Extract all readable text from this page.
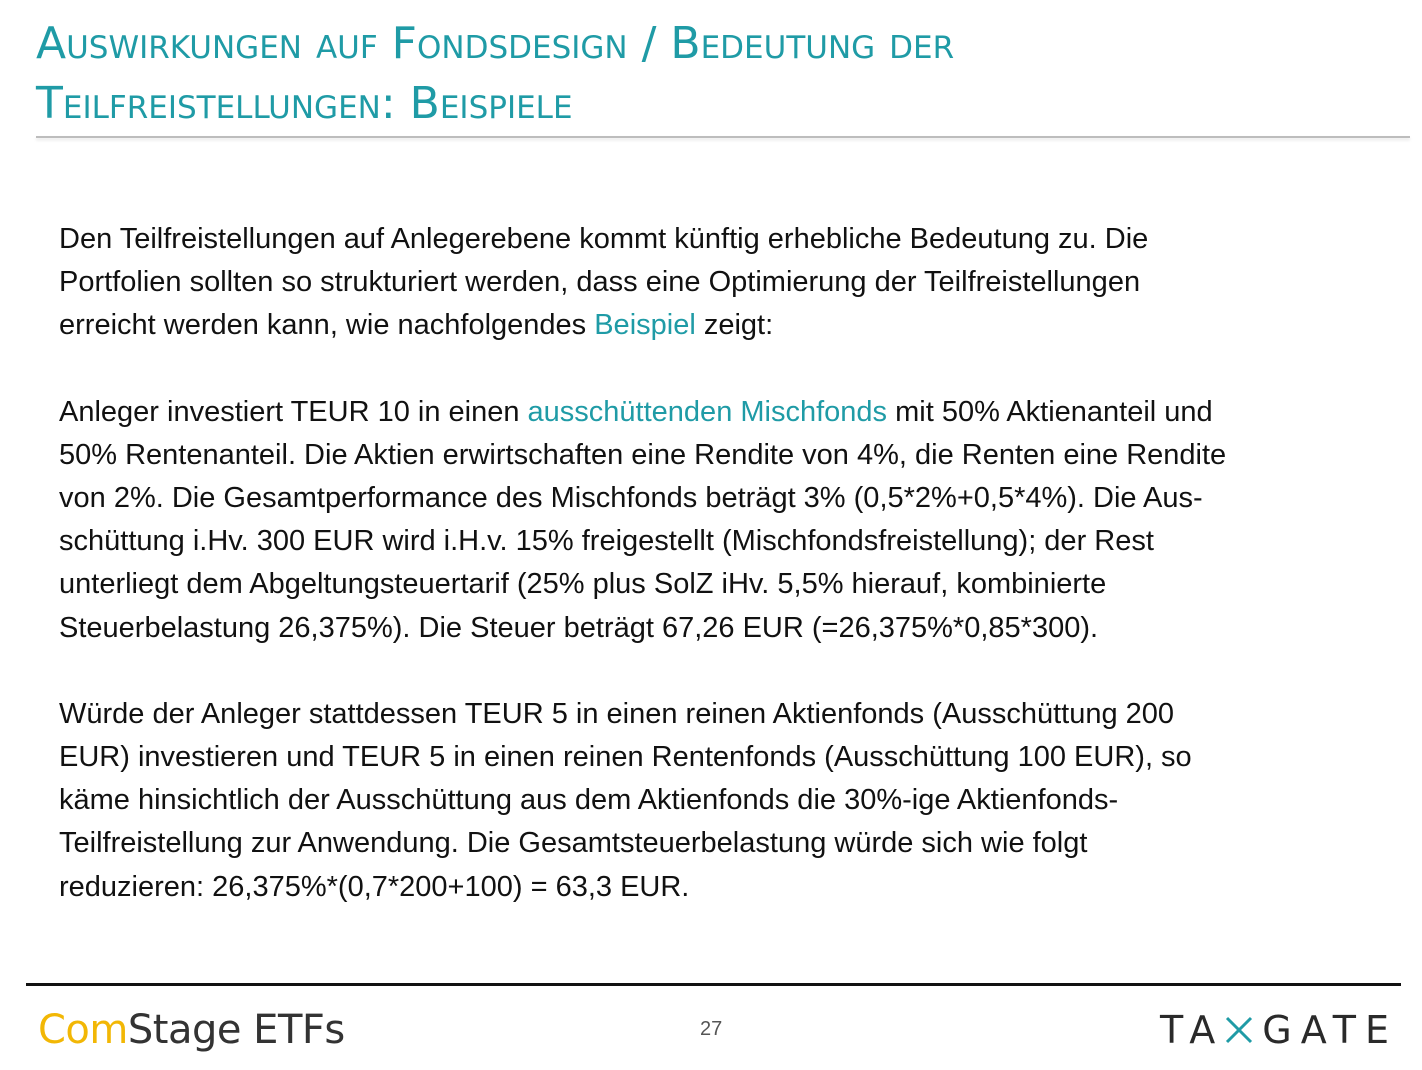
Auswirkungen auf Fondsdesign / Bedeutung der
Teilfreistellungen: Beispiele

Den Teilfreistellungen auf Anlegerebene kommt künftig erhebliche Bedeutung zu. Die
Portfolien sollten so strukturiert werden, dass eine Optimierung der Teilfreistellungen
erreicht werden kann, wie nachfolgendes Beispiel zeigt:

Anleger investiert TEUR 10 in einen ausschüttenden Mischfonds mit 50% Aktienanteil und
50% Rentenanteil. Die Aktien erwirtschaften eine Rendite von 4%, die Renten eine Rendite
von 2%. Die Gesamtperformance des Mischfonds beträgt 3% (0,5*2%+0,5*4%). Die Aus-
schüttung i.Hv. 300 EUR wird i.H.v. 15% freigestellt (Mischfondsfreistellung); der Rest
unterliegt dem Abgeltungsteuertarif (25% plus SolZ iHv. 5,5% hierauf, kombinierte
Steuerbelastung 26,375%). Die Steuer beträgt 67,26 EUR (=26,375%*0,85*300).

Würde der Anleger stattdessen TEUR 5 in einen reinen Aktienfonds (Ausschüttung 200
EUR) investieren und TEUR 5 in einen reinen Rentenfonds (Ausschüttung 100 EUR), so
käme hinsichtlich der Ausschüttung aus dem Aktienfonds die 30%-ige Aktienfonds-
Teilfreistellung zur Anwendung. Die Gesamtsteuerbelastung würde sich wie folgt
reduzieren: 26,375%*(0,7*200+100) = 63,3 EUR.

ComStage ETFs	27	TA GATE
